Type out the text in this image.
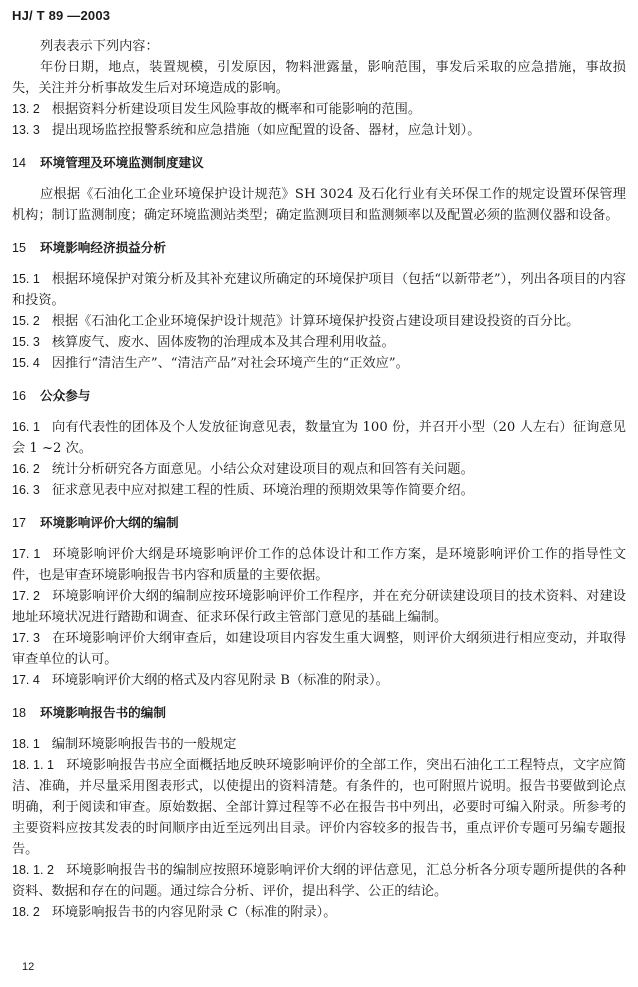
HJ/ T 89 —2003

列表表示下列内容：

年份日期，地点，装置规模，引发原因，物料泄露量，影响范围，事发后采取的应急措施，事故损失，关注并分析事故发生后对环境造成的影响。

13. 2 根据资料分析建设项目发生风险事故的概率和可能影响的范围。

13. 3 提出现场监控报警系统和应急措施（如应配置的设备、器材，应急计划）。

14 环境管理及环境监测制度建议

应根据《石油化工企业环境保护设计规范》SH 3024 及石化行业有关环保工作的规定设置环保管理机构；制订监测制度；确定环境监测站类型；确定监测项目和监测频率以及配置必须的监测仪器和设备。

15 环境影响经济损益分析

15. 1 根据环境保护对策分析及其补充建议所确定的环境保护项目（包括“以新带老”），列出各项目的内容和投资。

15. 2 根据《石油化工企业环境保护设计规范》计算环境保护投资占建设项目建设投资的百分比。

15. 3 核算废气、废水、固体废物的治理成本及其合理利用收益。

15. 4 因推行“清洁生产”、“清洁产品”对社会环境产生的“正效应”。

16 公众参与

16. 1 向有代表性的团体及个人发放征询意见表，数量宜为 100 份，并召开小型（20 人左右）征询意见会 1 ~2 次。

16. 2 统计分析研究各方面意见。小结公众对建设项目的观点和回答有关问题。

16. 3 征求意见表中应对拟建工程的性质、环境治理的预期效果等作简要介绍。

17 环境影响评价大纲的编制

17. 1 环境影响评价大纲是环境影响评价工作的总体设计和工作方案，是环境影响评价工作的指导性文件，也是审查环境影响报告书内容和质量的主要依据。

17. 2 环境影响评价大纲的编制应按环境影响评价工作程序，并在充分研读建设项目的技术资料、对建设地址环境状况进行踏勘和调查、征求环保行政主管部门意见的基础上编制。

17. 3 在环境影响评价大纲审查后，如建设项目内容发生重大调整，则评价大纲须进行相应变动，并取得审查单位的认可。

17. 4 环境影响评价大纲的格式及内容见附录 B（标准的附录）。

18 环境影响报告书的编制

18. 1 编制环境影响报告书的一般规定

18. 1. 1 环境影响报告书应全面概括地反映环境影响评价的全部工作，突出石油化工工程特点，文字应简洁、准确，并尽量采用图表形式，以使提出的资料清楚。有条件的，也可附照片说明。报告书要做到论点明确，利于阅读和审查。原始数据、全部计算过程等不必在报告书中列出，必要时可编入附录。所参考的主要资料应按其发表的时间顺序由近至远列出目录。评价内容较多的报告书，重点评价专题可另编专题报告。

18. 1. 2 环境影响报告书的编制应按照环境影响评价大纲的评估意见，汇总分析各分项专题所提供的各种资料、数据和存在的问题。通过综合分析、评价，提出科学、公正的结论。

18. 2 环境影响报告书的内容见附录 C（标准的附录）。

12
